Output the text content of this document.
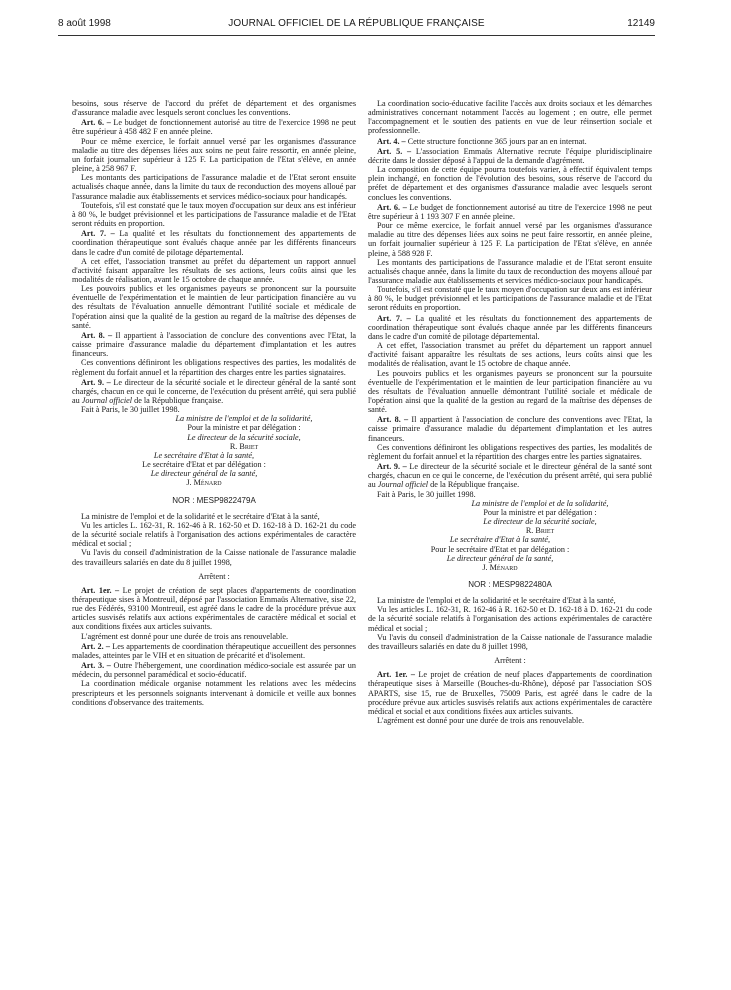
8 août 1998	JOURNAL OFFICIEL DE LA RÉPUBLIQUE FRANÇAISE	12149

besoins, sous réserve de l'accord du préfet de département et des organismes d'assurance maladie avec lesquels seront conclues les conventions.

Art. 6. – Le budget de fonctionnement autorisé au titre de l'exercice 1998 ne peut être supérieur à 458 482 F en année pleine.

Pour ce même exercice, le forfait annuel versé par les organismes d'assurance maladie au titre des dépenses liées aux soins ne peut faire ressortir, en année pleine, un forfait journalier supérieur à 125 F. La participation de l'Etat s'élève, en année pleine, à 258 967 F.

Les montants des participations de l'assurance maladie et de l'Etat seront ensuite actualisés chaque année, dans la limite du taux de reconduction des moyens alloué par l'assurance maladie aux établissements et services médico-sociaux pour handicapés.

Toutefois, s'il est constaté que le taux moyen d'occupation sur deux ans est inférieur à 80 %, le budget prévisionnel et les participations de l'assurance maladie et de l'Etat seront réduits en proportion.

Art. 7. – La qualité et les résultats du fonctionnement des appartements de coordination thérapeutique sont évalués chaque année par les différents financeurs dans le cadre d'un comité de pilotage départemental.

A cet effet, l'association transmet au préfet du département un rapport annuel d'activité faisant apparaître les résultats de ses actions, leurs coûts ainsi que les modalités de réalisation, avant le 15 octobre de chaque année.

Les pouvoirs publics et les organismes payeurs se prononcent sur la poursuite éventuelle de l'expérimentation et le maintien de leur participation financière au vu des résultats de l'évaluation annuelle démontrant l'utilité sociale et médicale de l'opération ainsi que la qualité de la gestion au regard de la maîtrise des dépenses de santé.

Art. 8. – Il appartient à l'association de conclure des conventions avec l'Etat, la caisse primaire d'assurance maladie du département d'implantation et les autres financeurs.

Ces conventions définiront les obligations respectives des parties, les modalités de règlement du forfait annuel et la répartition des charges entre les parties signataires.

Art. 9. – Le directeur de la sécurité sociale et le directeur général de la santé sont chargés, chacun en ce qui le concerne, de l'exécution du présent arrêté, qui sera publié au Journal officiel de la République française.

Fait à Paris, le 30 juillet 1998.

La ministre de l'emploi et de la solidarité,

Pour la ministre et par délégation :

Le directeur de la sécurité sociale,

R. Briet

Le secrétaire d'Etat à la santé,

Le secrétaire d'Etat et par délégation :

Le directeur général de la santé,

J. Ménard

NOR : MESP9822479A

La ministre de l'emploi et de la solidarité et le secrétaire d'Etat à la santé,

Vu les articles L. 162-31, R. 162-46 à R. 162-50 et D. 162-18 à D. 162-21 du code de la sécurité sociale relatifs à l'organisation des actions expérimentales de caractère médical et social ;

Vu l'avis du conseil d'administration de la Caisse nationale de l'assurance maladie des travailleurs salariés en date du 8 juillet 1998,

Arrêtent :

Art. 1er. – Le projet de création de sept places d'appartements de coordination thérapeutique sises à Montreuil, déposé par l'association Emmaüs Alternative, sise 22, rue des Fédérés, 93100 Montreuil, est agréé dans le cadre de la procédure prévue aux articles susvisés relatifs aux actions expérimentales de caractère médical et social et aux conditions fixées aux articles suivants.

L'agrément est donné pour une durée de trois ans renouvelable.

Art. 2. – Les appartements de coordination thérapeutique accueillent des personnes malades, atteintes par le VIH et en situation de précarité et d'isolement.

Art. 3. – Outre l'hébergement, une coordination médico-sociale est assurée par un médecin, du personnel paramédical et socio-éducatif.

La coordination médicale organise notamment les relations avec les médecins prescripteurs et les personnels soignants intervenant à domicile et veille aux bonnes conditions d'observance des traitements.

La coordination socio-éducative facilite l'accès aux droits sociaux et les démarches administratives concernant notamment l'accès au logement ; en outre, elle permet l'accompagnement et le soutien des patients en vue de leur réinsertion sociale et professionnelle.

Art. 4. – Cette structure fonctionne 365 jours par an en internat.

Art. 5. – L'association Emmaüs Alternative recrute l'équipe pluridisciplinaire décrite dans le dossier déposé à l'appui de la demande d'agrément.

La composition de cette équipe pourra toutefois varier, à effectif équivalent temps plein inchangé, en fonction de l'évolution des besoins, sous réserve de l'accord du préfet de département et des organismes d'assurance maladie avec lesquels seront conclues les conventions.

Art. 6. – Le budget de fonctionnement autorisé au titre de l'exercice 1998 ne peut être supérieur à 1 193 307 F en année pleine.

Pour ce même exercice, le forfait annuel versé par les organismes d'assurance maladie au titre des dépenses liées aux soins ne peut faire ressortir, en année pleine, un forfait journalier supérieur à 125 F. La participation de l'Etat s'élève, en année pleine, à 588 928 F.

Les montants des participations de l'assurance maladie et de l'Etat seront ensuite actualisés chaque année, dans la limite du taux de reconduction des moyens alloué par l'assurance maladie aux établissements et services médico-sociaux pour handicapés.

Toutefois, s'il est constaté que le taux moyen d'occupation sur deux ans est inférieur à 80 %, le budget prévisionnel et les participations de l'assurance maladie et de l'Etat seront réduits en proportion.

Art. 7. – La qualité et les résultats du fonctionnement des appartements de coordination thérapeutique sont évalués chaque année par les différents financeurs dans le cadre d'un comité de pilotage départemental.

A cet effet, l'association transmet au préfet du département un rapport annuel d'activité faisant apparaître les résultats de ses actions, leurs coûts ainsi que les modalités de réalisation, avant le 15 octobre de chaque année.

Les pouvoirs publics et les organismes payeurs se prononcent sur la poursuite éventuelle de l'expérimentation et le maintien de leur participation financière au vu des résultats de l'évaluation annuelle démontrant l'utilité sociale et médicale de l'opération ainsi que la qualité de la gestion au regard de la maîtrise des dépenses de santé.

Art. 8. – Il appartient à l'association de conclure des conventions avec l'Etat, la caisse primaire d'assurance maladie du département d'implantation et les autres financeurs.

Ces conventions définiront les obligations respectives des parties, les modalités de règlement du forfait annuel et la répartition des charges entre les parties signataires.

Art. 9. – Le directeur de la sécurité sociale et le directeur général de la santé sont chargés, chacun en ce qui le concerne, de l'exécution du présent arrêté, qui sera publié au Journal officiel de la République française.

Fait à Paris, le 30 juillet 1998.

La ministre de l'emploi et de la solidarité,

Pour la ministre et par délégation :

Le directeur de la sécurité sociale,

R. Briet

Le secrétaire d'Etat à la santé,

Pour le secrétaire d'Etat et par délégation :

Le directeur général de la santé,

J. Ménard

NOR : MESP9822480A

La ministre de l'emploi et de la solidarité et le secrétaire d'Etat à la santé,

Vu les articles L. 162-31, R. 162-46 à R. 162-50 et D. 162-18 à D. 162-21 du code de la sécurité sociale relatifs à l'organisation des actions expérimentales de caractère médical et social ;

Vu l'avis du conseil d'administration de la Caisse nationale de l'assurance maladie des travailleurs salariés en date du 8 juillet 1998,

Arrêtent :

Art. 1er. – Le projet de création de neuf places d'appartements de coordination thérapeutique sises à Marseille (Bouches-du-Rhône), déposé par l'association SOS APARTS, sise 15, rue de Bruxelles, 75009 Paris, est agréé dans le cadre de la procédure prévue aux articles susvisés relatifs aux actions expérimentales de caractère médical et social et aux conditions fixées aux articles suivants.

L'agrément est donné pour une durée de trois ans renouvelable.
